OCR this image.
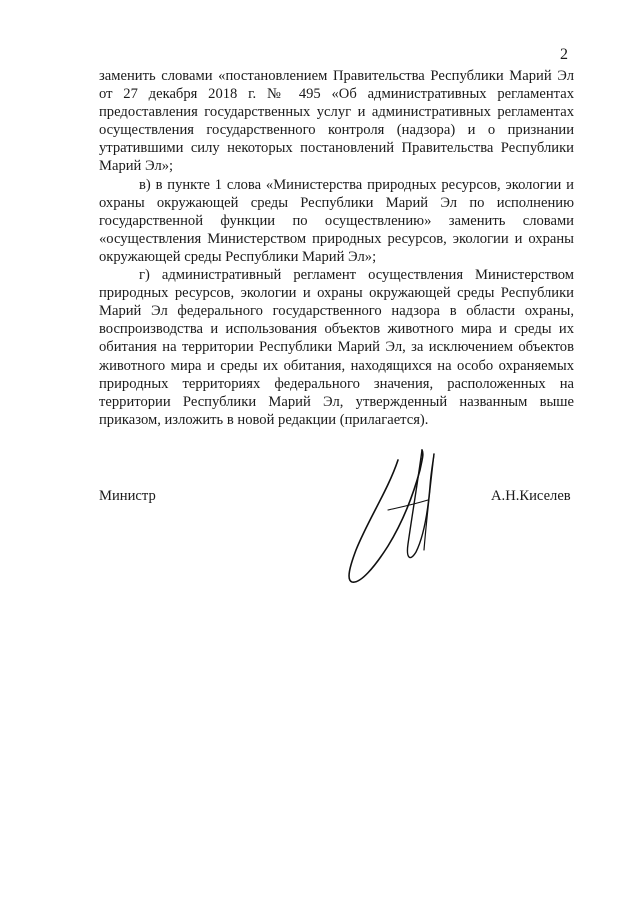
2

заменить словами «постановлением Правительства Республики Марий Эл от 27 декабря 2018 г. № 495 «Об административных регламентах предоставления государственных услуг и административных регламентах осуществления государственного контроля (надзора) и о признании утратившими силу некоторых постановлений Правительства Республики Марий Эл»;

в) в пункте 1 слова «Министерства природных ресурсов, экологии и охраны окружающей среды Республики Марий Эл по исполнению государственной функции по осуществлению» заменить словами «осуществления Министерством природных ресурсов, экологии и охраны окружающей среды Республики Марий Эл»;

г) административный регламент осуществления Министерством природных ресурсов, экологии и охраны окружающей среды Республики Марий Эл федерального государственного надзора в области охраны, воспроизводства и использования объектов животного мира и среды их обитания на территории Республики Марий Эл, за исключением объектов животного мира и среды их обитания, находящихся на особо охраняемых природных территориях федерального значения, расположенных на территории Республики Марий Эл, утвержденный названным выше приказом, изложить в новой редакции (прилагается).

Министр	А.Н.Киселев
